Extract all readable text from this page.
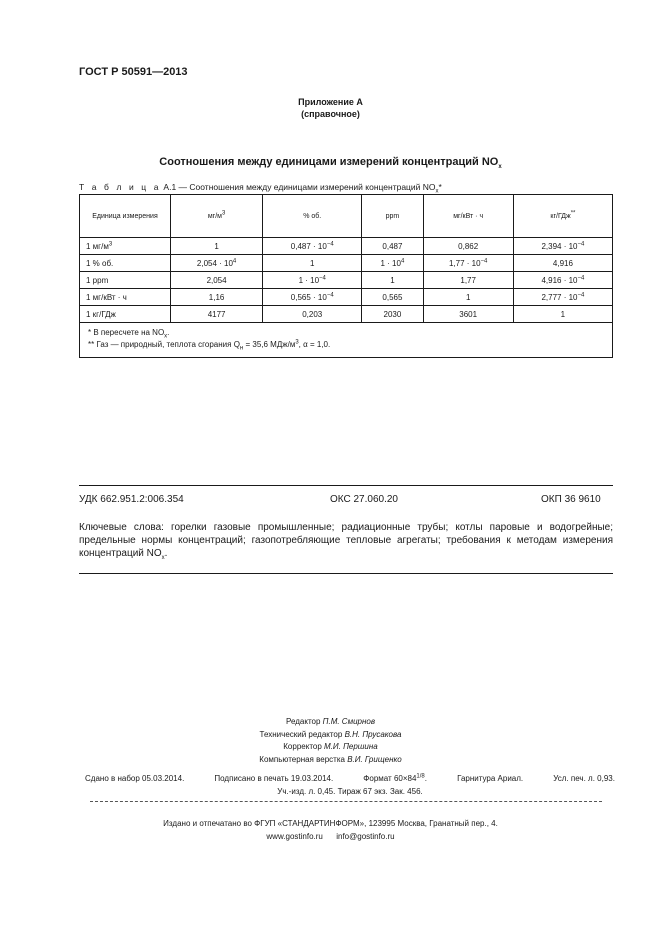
ГОСТ Р 50591—2013
Приложение А
(справочное)
Соотношения между единицами измерений концентраций $NO_x$
Т а б л и ц а А.1 — Соотношения между единицами измерений концентраций $NO_x*$
Единица измерения	$мг/м^3$	% об.	ppm	мг/кВт · ч	кг/ГДж**
1 $мг/м^3$	1	$0,487 \cdot 10^{-4}$	0,487	0,862	$2,394 \cdot 10^{-4}$
1 % об.	$2,054 \cdot 10^4$	1	$1 \cdot 10^4$	$1,77 \cdot 10^{-4}$	4,916
1 ppm	2,054	$1 \cdot 10^{-4}$	1	1,77	$4,916 \cdot 10^{-4}$
1 мг/кВт · ч	1,16	$0,565 \cdot 10^{-4}$	0,565	1	$2,777 \cdot 10^{-4}$
1 кг/ГДж	4177	0,203	2030	3601	1

* В пересчете на $NO_x$.
** Газ — природный, теплота сгорания $Q_н = 35,6$ МДж/$м^3$, α = 1,0.					
УДК 662.951.2:006.354	ОКС 27.060.20	ОКП 36 9610
Ключевые слова: горелки газовые промышленные; радиационные трубы; котлы паровые и водогрейные; предельные нормы концентраций; газопотребляющие тепловые агрегаты; требования к методам измерения концентраций $NO_x$.
Редактор П.М. Смирнов
Технический редактор В.Н. Прусакова
Корректор М.И. Першина
Компьютерная верстка В.И. Грищенко
Сдано в набор 05.03.2014.	Подписано в печать 19.03.2014.	Формат $60\times 84^{1/8}$.	Гарнитура Ариал.	Усл. печ. л. 0,93.
Уч.-изд. л. 0,45. Тираж 67 экз. Зак. 456.
Издано и отпечатано во ФГУП «СТАНДАРТИНФОРМ», 123995 Москва, Гранатный пер., 4.
www.gostinfo.ru info@gostinfo.ru
